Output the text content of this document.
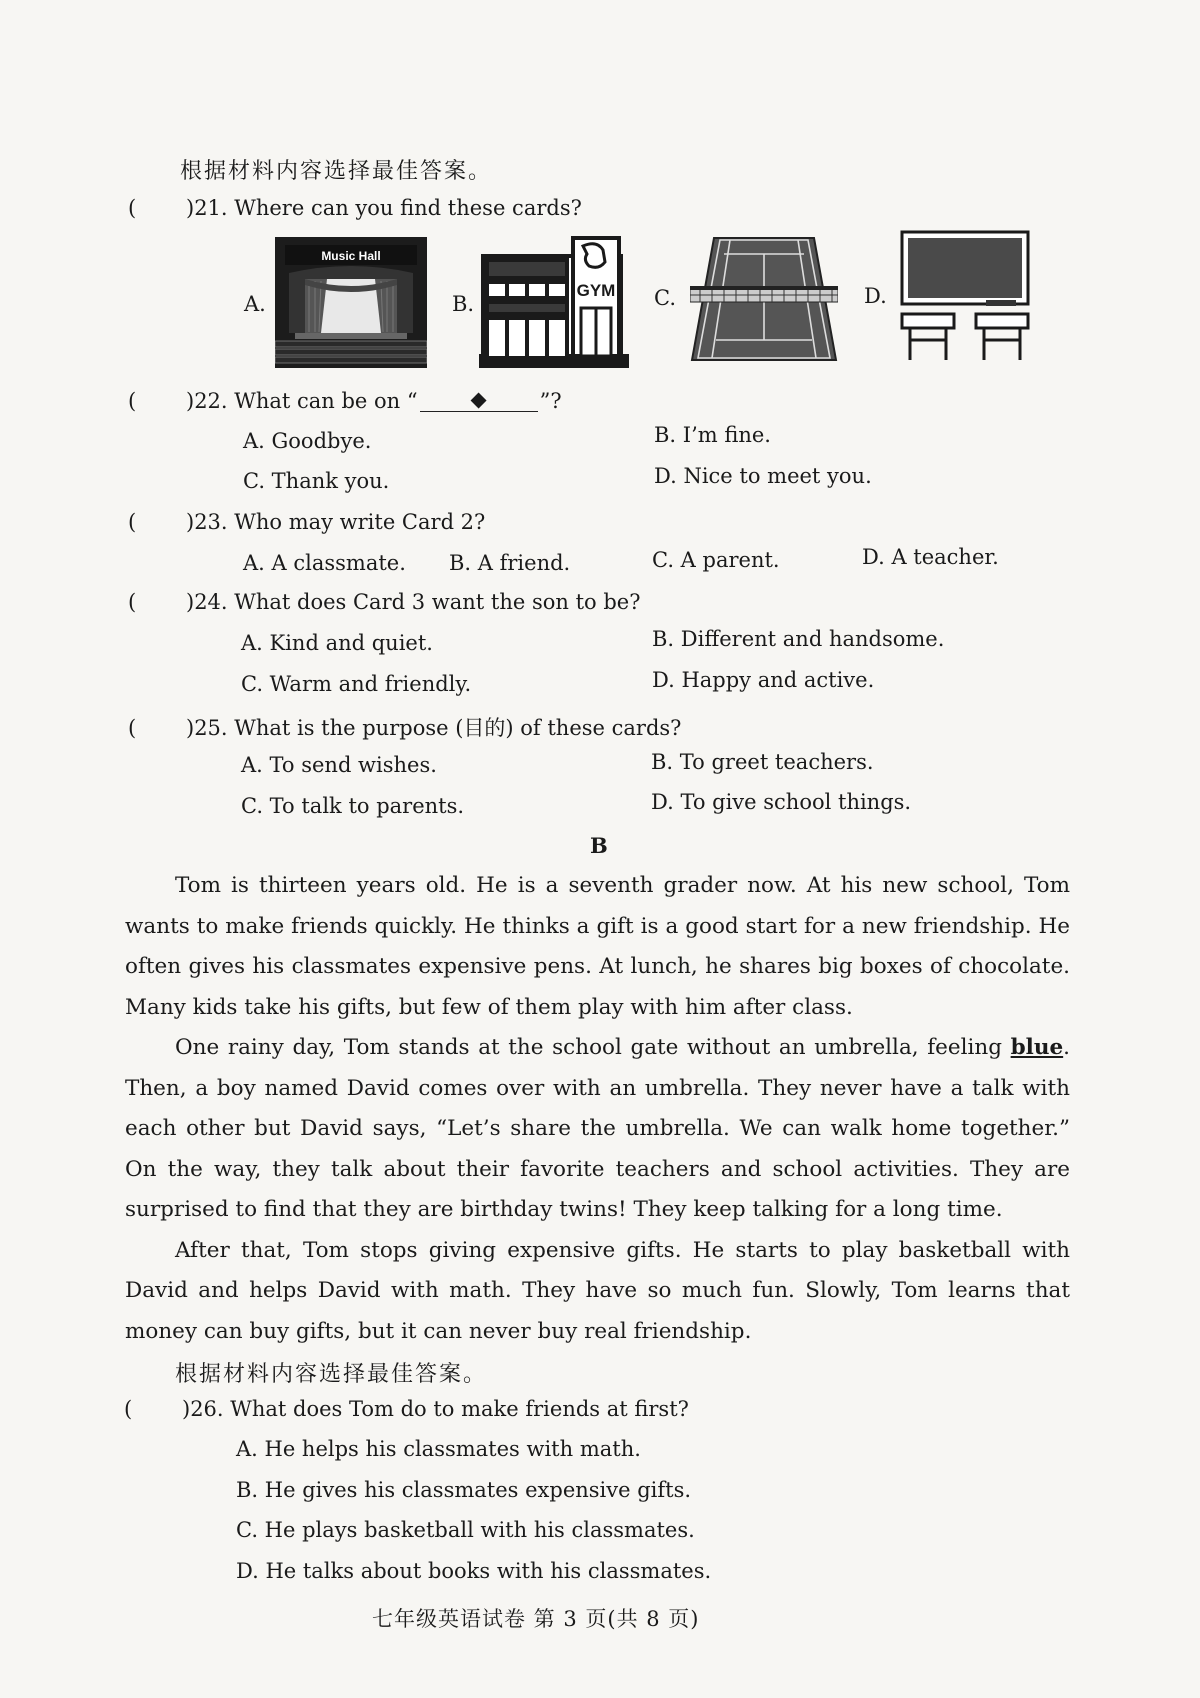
根据材料内容选择最佳答案。
( )21. Where can you find these cards?
A.
Music Hall
B.
GYM C.	D.
( )22. What can be on “	◆	”?
A. Goodbye.	B. I’m fine.
C. Thank you.	D. Nice to meet you.
( )23. Who may write Card 2?
A. A classmate. B. A friend.	C. A parent.	D. A teacher.
( )24. What does Card 3 want the son to be?
A. Kind and quiet.	B. Different and handsome.
C. Warm and friendly.	D. Happy and active.
( )25. What is the purpose (目的) of these cards?
A. To send wishes.	B. To greet teachers.
C. To talk to parents.	D. To give school things.
B

Tom is thirteen years old. He is a seventh grader now. At his new school, Tom wants to make friends quickly. He thinks a gift is a good start for a new friendship. He often gives his classmates expensive pens. At lunch, he shares big boxes of chocolate. Many kids take his gifts, but few of them play with him after class.

One rainy day, Tom stands at the school gate without an umbrella, feeling blue. Then, a boy named David comes over with an umbrella. They never have a talk with each other but David says, “Let’s share the umbrella. We can walk home together.” On the way, they talk about their favorite teachers and school activities. They are surprised to find that they are birthday twins! They keep talking for a long time.

After that, Tom stops giving expensive gifts. He starts to play basketball with David and helps David with math. They have so much fun. Slowly, Tom learns that money can buy gifts, but it can never buy real friendship.

根据材料内容选择最佳答案。
( )26. What does Tom do to make friends at first?
A. He helps his classmates with math.
B. He gives his classmates expensive gifts.
C. He plays basketball with his classmates.
D. He talks about books with his classmates.
七年级英语试卷 第 3 页(共 8 页)
